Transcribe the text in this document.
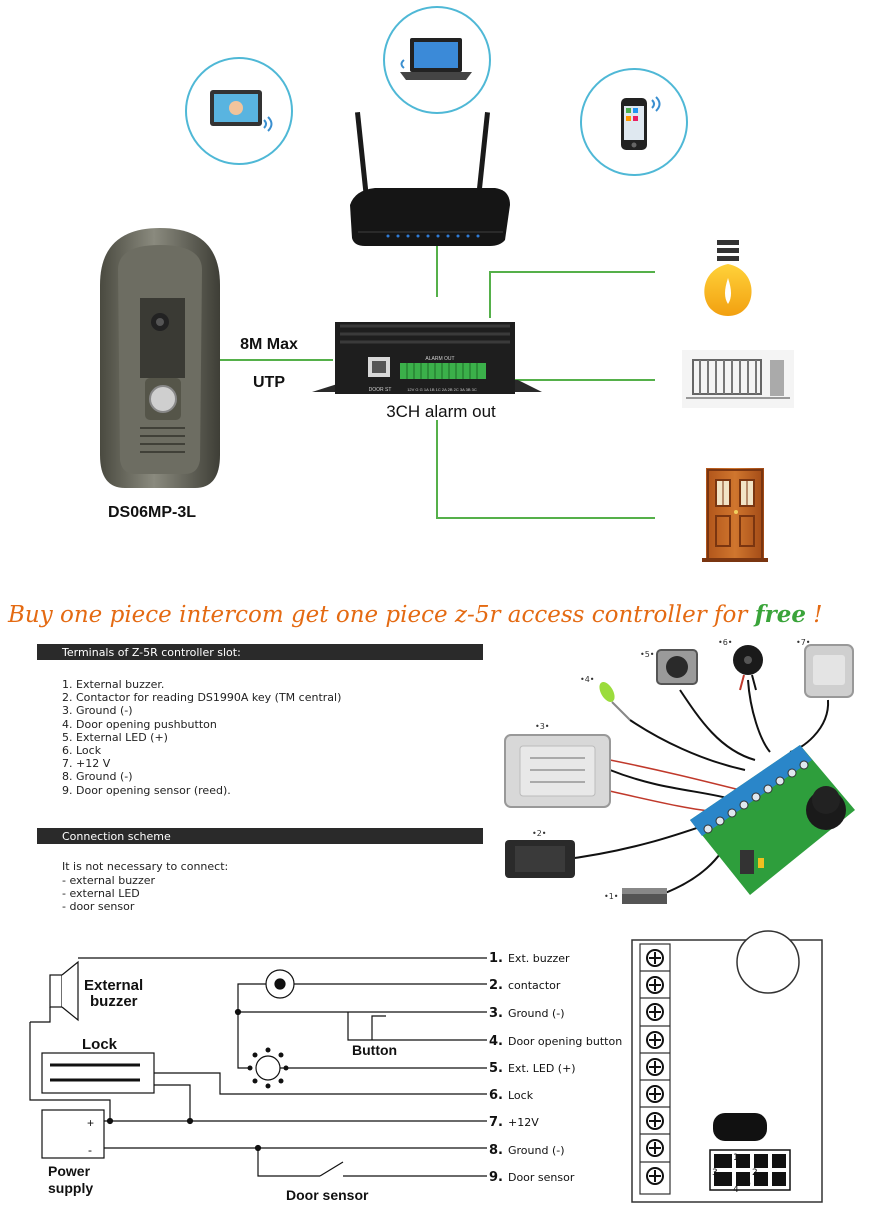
DS06MP-3L
8M Max
UTP
ALARM OUT
DOOR ST	12V G G 1A 1B 1C 2A 2B 2C 3A 3B 3C
3CH alarm out
Buy one piece intercom get one piece z-5r access controller for free !
Terminals of Z-5R controller slot:
1. External buzzer.
2. Contactor for reading DS1990A key (TM central)
3. Ground (-)
4. Door opening pushbutton
5. External LED (+)
6. Lock
7. +12 V
8. Ground (-)
9. Door opening sensor (reed).
Connection scheme
It is not necessary to connect:
- external buzzer
- external LED
- door sensor
•1•
•2•
•3•
•4•
•5•
•6•	•7•
External
buzzer
Lock	Button
Power
supply
+
-
Door sensor
1. Ext. buzzer
2. contactor
3. Ground (-)
4. Door opening button
5. Ext. LED (+)
6. Lock
7. +12V
8. Ground (-)
9. Door sensor	3
4
1
2
a
b
